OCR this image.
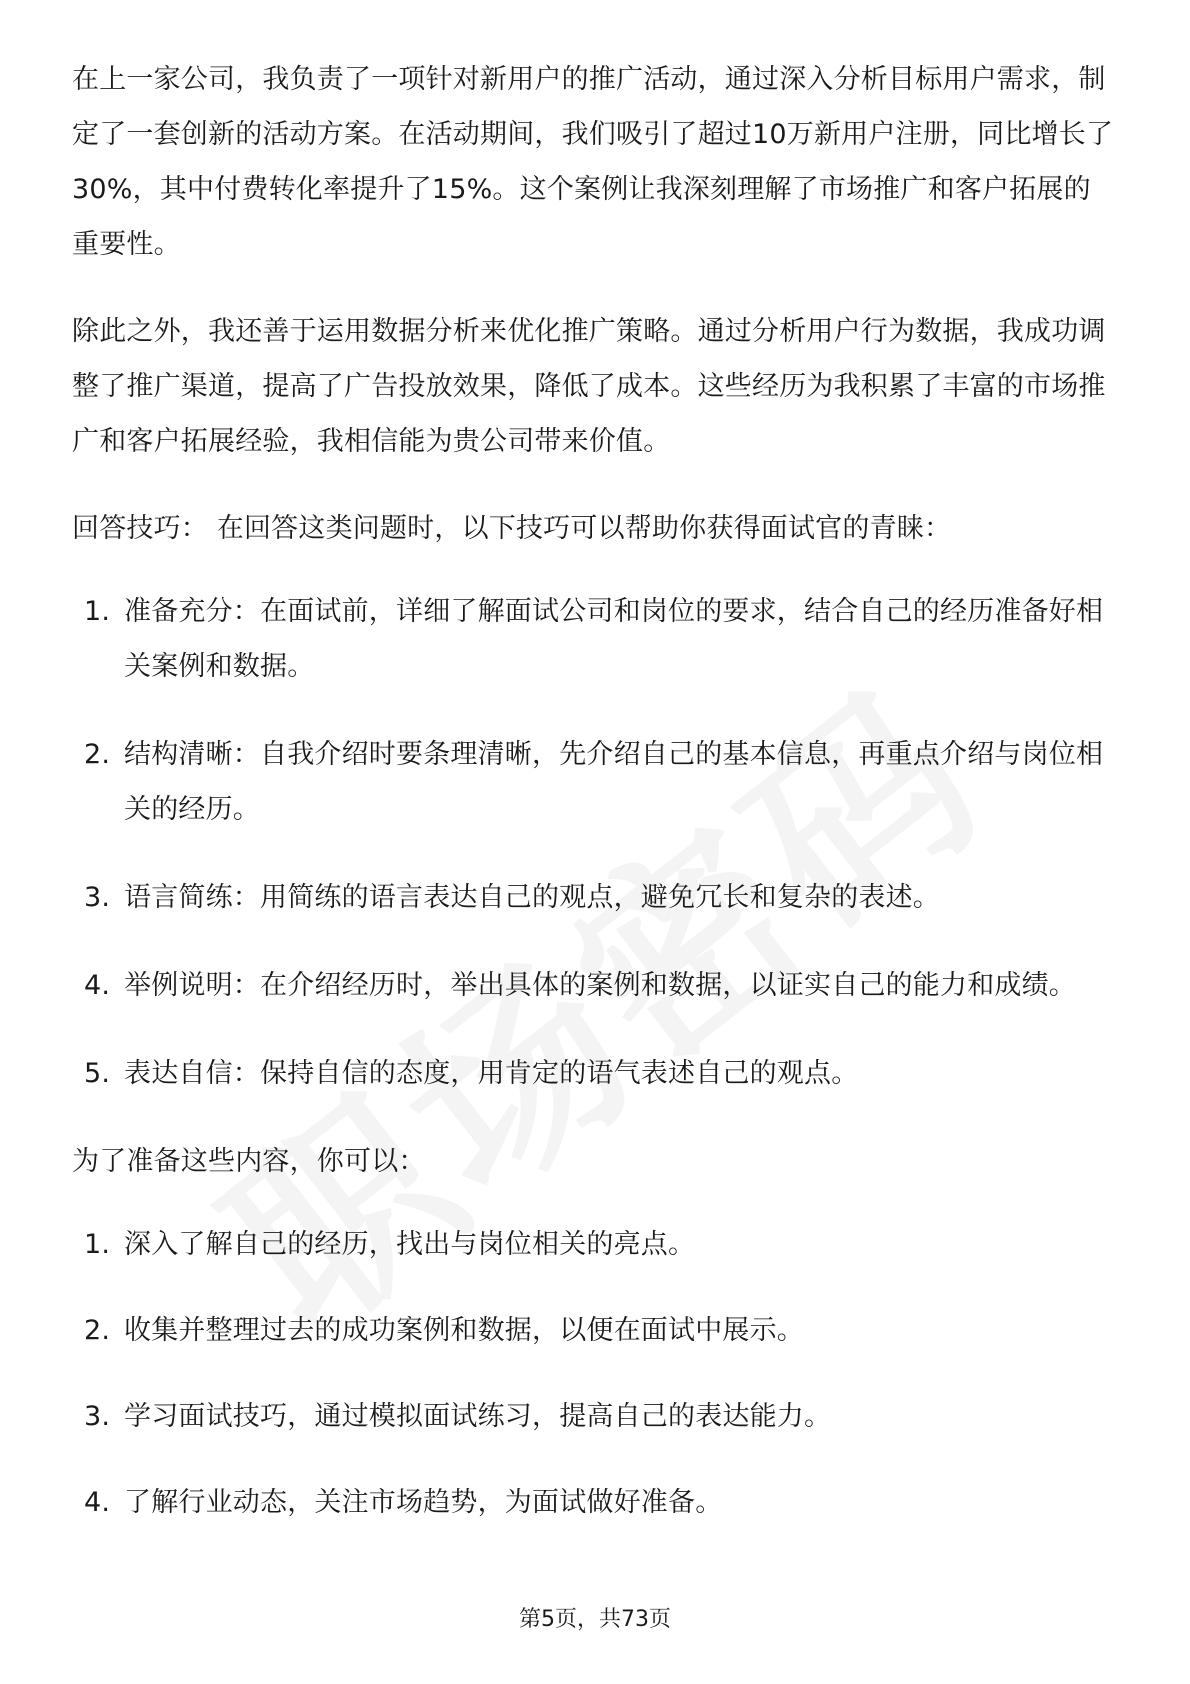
在上一家公司，我负责了一项针对新用户的推广活动，通过深入分析目标用户需求，制定了一套创新的活动方案。在活动期间，我们吸引了超过10万新用户注册，同比增长了30%，其中付费转化率提升了15%。这个案例让我深刻理解了市场推广和客户拓展的重要性。

除此之外，我还善于运用数据分析来优化推广策略。通过分析用户行为数据，我成功调整了推广渠道，提高了广告投放效果，降低了成本。这些经历为我积累了丰富的市场推广和客户拓展经验，我相信能为贵公司带来价值。

回答技巧： 在回答这类问题时，以下技巧可以帮助你获得面试官的青睐：

1. 准备充分：在面试前，详细了解面试公司和岗位的要求，结合自己的经历准备好相关案例和数据。
2. 结构清晰：自我介绍时要条理清晰，先介绍自己的基本信息，再重点介绍与岗位相关的经历。
3. 语言简练：用简练的语言表达自己的观点，避免冗长和复杂的表述。
4. 举例说明：在介绍经历时，举出具体的案例和数据，以证实自己的能力和成绩。
5. 表达自信：保持自信的态度，用肯定的语气表述自己的观点。

为了准备这些内容，你可以：

1. 深入了解自己的经历，找出与岗位相关的亮点。
2. 收集并整理过去的成功案例和数据，以便在面试中展示。
3. 学习面试技巧，通过模拟面试练习，提高自己的表达能力。
4. 了解行业动态，关注市场趋势，为面试做好准备。
第5页，共73页
